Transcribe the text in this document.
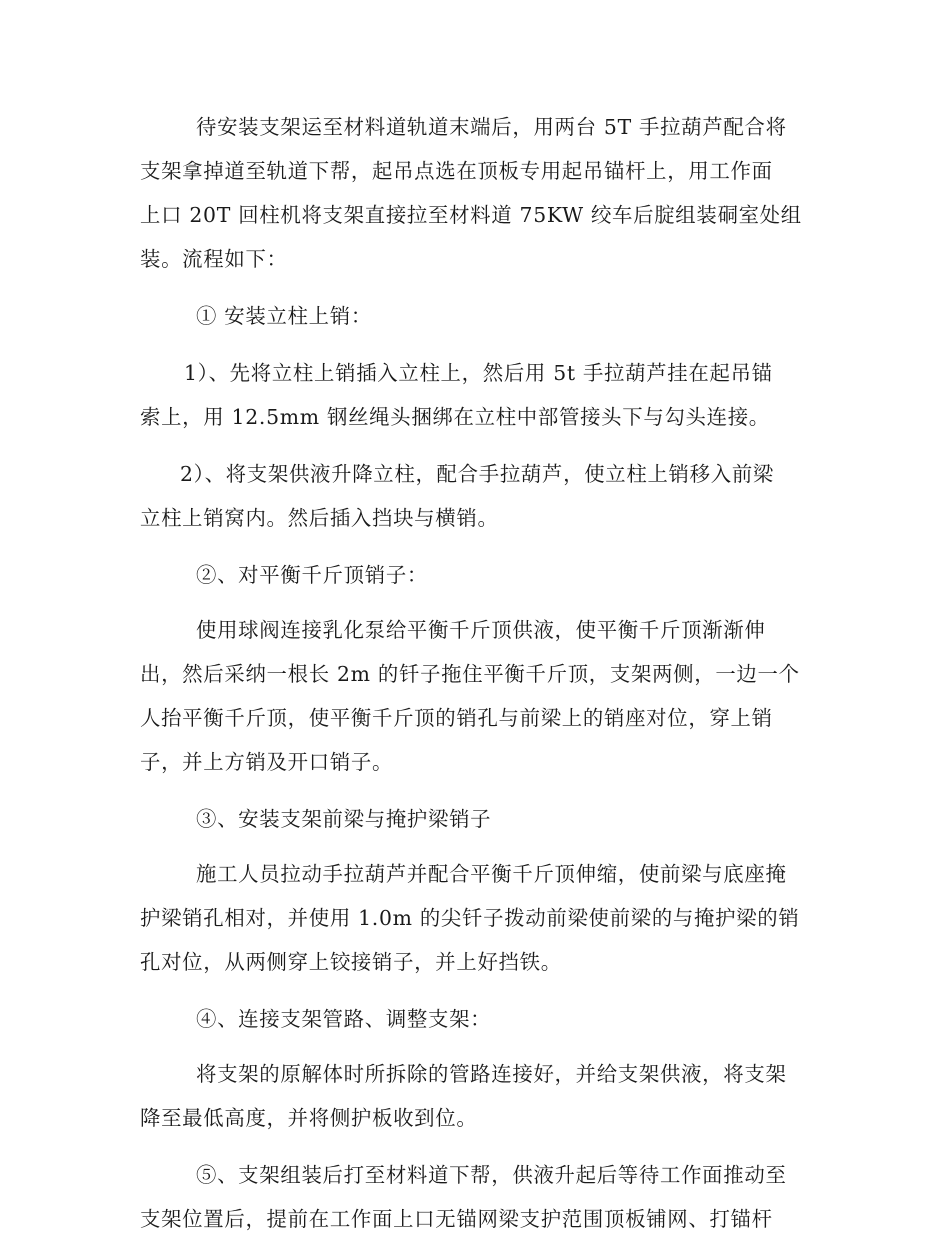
待安装支架运至材料道轨道末端后，用两台 5T 手拉葫芦配合将
支架拿掉道至轨道下帮，起吊点选在顶板专用起吊锚杆上，用工作面
上口 20T 回柱机将支架直接拉至材料道 75KW 绞车后腚组装硐室处组
装。流程如下：

① 安装立柱上销：

1）、先将立柱上销插入立柱上，然后用 5t 手拉葫芦挂在起吊锚
索上，用 12.5mm 钢丝绳头捆绑在立柱中部管接头下与勾头连接。

2）、将支架供液升降立柱，配合手拉葫芦，使立柱上销移入前梁
立柱上销窝内。然后插入挡块与横销。

②、对平衡千斤顶销子：

使用球阀连接乳化泵给平衡千斤顶供液，使平衡千斤顶渐渐伸
出，然后采纳一根长 2m 的钎子拖住平衡千斤顶，支架两侧，一边一个
人抬平衡千斤顶，使平衡千斤顶的销孔与前梁上的销座对位，穿上销
子，并上方销及开口销子。

③、安装支架前梁与掩护梁销子

施工人员拉动手拉葫芦并配合平衡千斤顶伸缩，使前梁与底座掩
护梁销孔相对，并使用 1.0m 的尖钎子拨动前梁使前梁的与掩护梁的销
孔对位，从两侧穿上铰接销子，并上好挡铁。

④、连接支架管路、调整支架：

将支架的原解体时所拆除的管路连接好，并给支架供液，将支架
降至最低高度，并将侧护板收到位。

⑤、支架组装后打至材料道下帮，供液升起后等待工作面推动至
支架位置后，提前在工作面上口无锚网梁支护范围顶板铺网、打锚杆
